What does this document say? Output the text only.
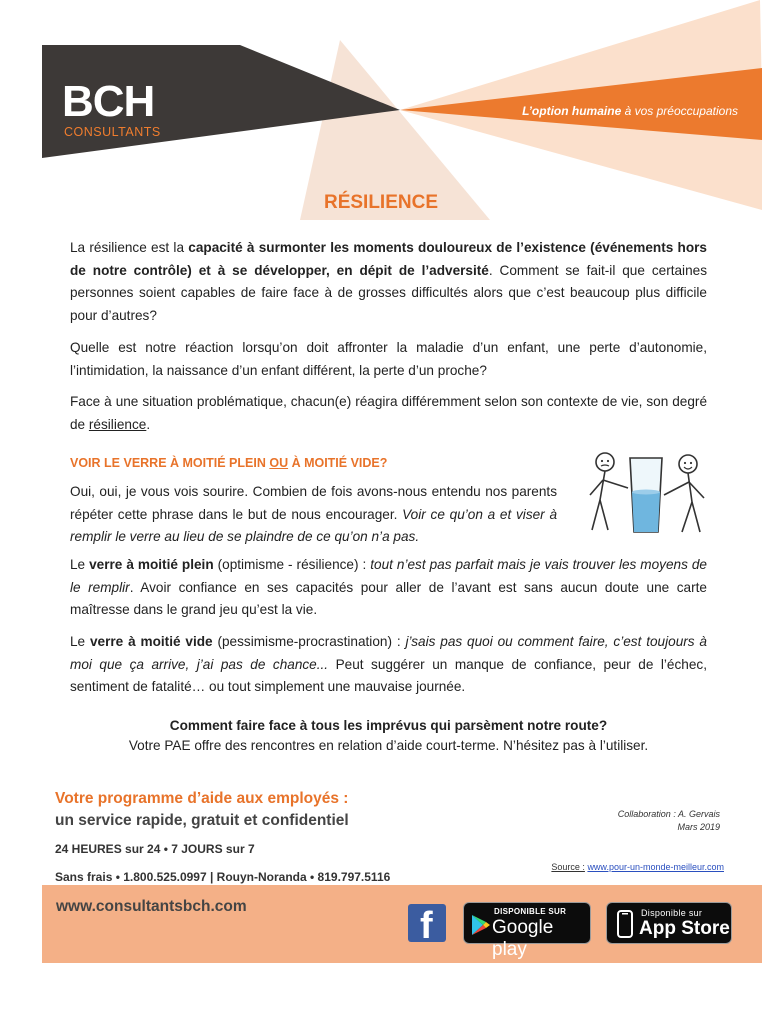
BCH
CONSULTANTS
L’option humaine à vos préoccupations
RÉSILIENCE
La résilience est la capacité à surmonter les moments douloureux de l’existence (événements hors de notre contrôle) et à se développer, en dépit de l’adversité. Comment se fait-il que certaines personnes soient capables de faire face à de grosses difficultés alors que c’est beaucoup plus difficile pour d’autres?
Quelle est notre réaction lorsqu’on doit affronter la maladie d’un enfant, une perte d’autonomie, l’intimidation, la naissance d’un enfant différent, la perte d’un proche?
Face à une situation problématique, chacun(e) réagira différemment selon son contexte de vie, son degré de résilience.
VOIR LE VERRE À MOITIÉ PLEIN OU À MOITIÉ VIDE?
Oui, oui, je vous vois sourire. Combien de fois avons-nous entendu nos parents répéter cette phrase dans le but de nous encourager. Voir ce qu’on a et viser à remplir le verre au lieu de se plaindre de ce qu’on n’a pas.
Le verre à moitié plein (optimisme - résilience) : tout n’est pas parfait mais je vais trouver les moyens de le remplir. Avoir confiance en ses capacités pour aller de l’avant est sans aucun doute une carte maîtresse dans le grand jeu qu’est la vie.
Le verre à moitié vide (pessimisme-procrastination) : j’sais pas quoi ou comment faire, c’est toujours à moi que ça arrive, j’ai pas de chance... Peut suggérer un manque de confiance, peur de l’échec, sentiment de fatalité… ou tout simplement une mauvaise journée.
Comment faire face à tous les imprévus qui parsèment notre route?
Votre PAE offre des rencontres en relation d’aide court-terme. N’hésitez pas à l’utiliser.
Votre programme d’aide aux employés :
un service rapide, gratuit et confidentiel
24 HEURES sur 24 • 7 JOURS sur 7
Sans frais • 1.800.525.0997 | Rouyn-Noranda • 819.797.5116
Collaboration : A. Gervais
Mars 2019
Source : www.pour-un-monde-meilleur.com
www.consultantsbch.com	f	DISPONIBLE SUR
Google play
Disponible sur
App Store
